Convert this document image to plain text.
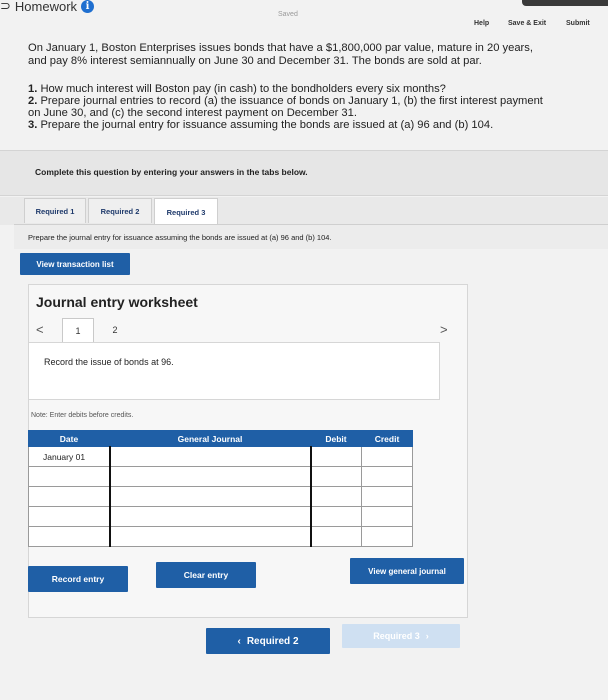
⊃ Homework i
Saved
Help	Save & Exit	Submit
On January 1, Boston Enterprises issues bonds that have a $1,800,000 par value, mature in 20 years,
and pay 8% interest semiannually on June 30 and December 31. The bonds are sold at par.
1. How much interest will Boston pay (in cash) to the bondholders every six months?
2. Prepare journal entries to record (a) the issuance of bonds on January 1, (b) the first interest payment
on June 30, and (c) the second interest payment on December 31.
3. Prepare the journal entry for issuance assuming the bonds are issued at (a) 96 and (b) 104.
Complete this question by entering your answers in the tabs below.
Required 1	Required 2	Required 3
Prepare the journal entry for issuance assuming the bonds are issued at (a) 96 and (b) 104.
View transaction list
Journal entry worksheet
<	1	2	>
Record the issue of bonds at 96.
Note: Enter debits before credits.
Date	General Journal	Debit	Credit
January 01			

Record entry	Clear entry	View general journal
‹ Required 2	Required 3 ›
